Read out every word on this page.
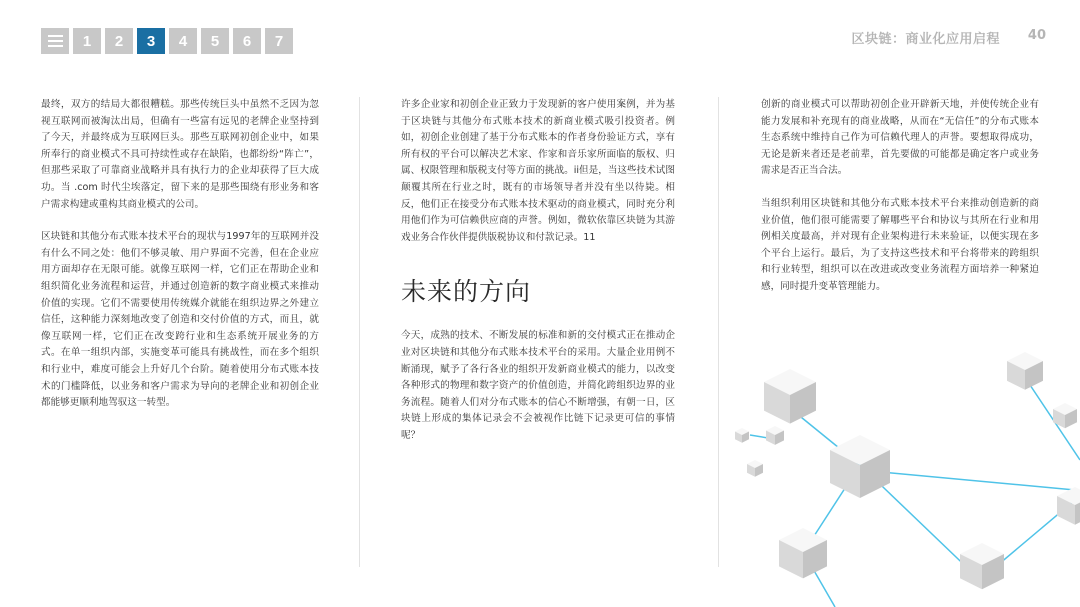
1	2	3	4	5	6	7	区块链：商业化应用启程	40

最终，双方的结局大都很糟糕。那些传统巨头中虽然不乏因为忽视互联网而被淘汰出局，但确有一些富有远见的老牌企业坚持到了今天，并最终成为互联网巨头。那些互联网初创企业中，如果所奉行的商业模式不具可持续性或存在缺陷，也都纷纷“阵亡”，但那些采取了可靠商业战略并具有执行力的企业却获得了巨大成功。当 .com 时代尘埃落定，留下来的是那些围绕有形业务和客户需求构建或重构其商业模式的公司。

区块链和其他分布式账本技术平台的现状与1997年的互联网并没有什么不同之处：他们不够灵敏、用户界面不完善，但在企业应用方面却存在无限可能。就像互联网一样，它们正在帮助企业和组织简化业务流程和运营，并通过创造新的数字商业模式来推动价值的实现。它们不需要使用传统媒介就能在组织边界之外建立信任，这种能力深刻地改变了创造和交付价值的方式，而且，就像互联网一样，它们正在改变跨行业和生态系统开展业务的方式。在单一组织内部，实施变革可能具有挑战性，而在多个组织和行业中，难度可能会上升好几个台阶。随着使用分布式账本技术的门槛降低，以业务和客户需求为导向的老牌企业和初创企业都能够更顺利地驾驭这一转型。

许多企业家和初创企业正致力于发现新的客户使用案例，并为基于区块链与其他分布式账本技术的新商业模式吸引投资者。例如，初创企业创建了基于分布式账本的作者身份验证方式，享有所有权的平台可以解决艺术家、作家和音乐家所面临的版权、归属、权限管理和版税支付等方面的挑战。ii但是，当这些技术试图颠覆其所在行业之时，既有的市场领导者并没有坐以待毙。相反，他们正在接受分布式账本技术驱动的商业模式，同时充分利用他们作为可信赖供应商的声誉。例如，微软依靠区块链为其游戏业务合作伙伴提供版税协议和付款记录。11

未来的方向

今天，成熟的技术、不断发展的标准和新的交付模式正在推动企业对区块链和其他分布式账本技术平台的采用。大量企业用例不断涌现，赋予了各行各业的组织开发新商业模式的能力，以改变各种形式的物理和数字资产的价值创造，并简化跨组织边界的业务流程。随着人们对分布式账本的信心不断增强，有朝一日，区块链上形成的集体记录会不会被视作比链下记录更可信的事情呢？

创新的商业模式可以帮助初创企业开辟新天地，并使传统企业有能力发展和补充现有的商业战略，从而在“无信任”的分布式账本生态系统中维持自己作为可信赖代理人的声誉。要想取得成功，无论是新来者还是老前辈，首先要做的可能都是确定客户或业务需求是否正当合法。

当组织利用区块链和其他分布式账本技术平台来推动创造新的商业价值，他们很可能需要了解哪些平台和协议与其所在行业和用例相关度最高，并对现有企业架构进行未来验证，以便实现在多个平台上运行。最后，为了支持这些技术和平台将带来的跨组织和行业转型，组织可以在改进或改变业务流程方面培养一种紧迫感，同时提升变革管理能力。
